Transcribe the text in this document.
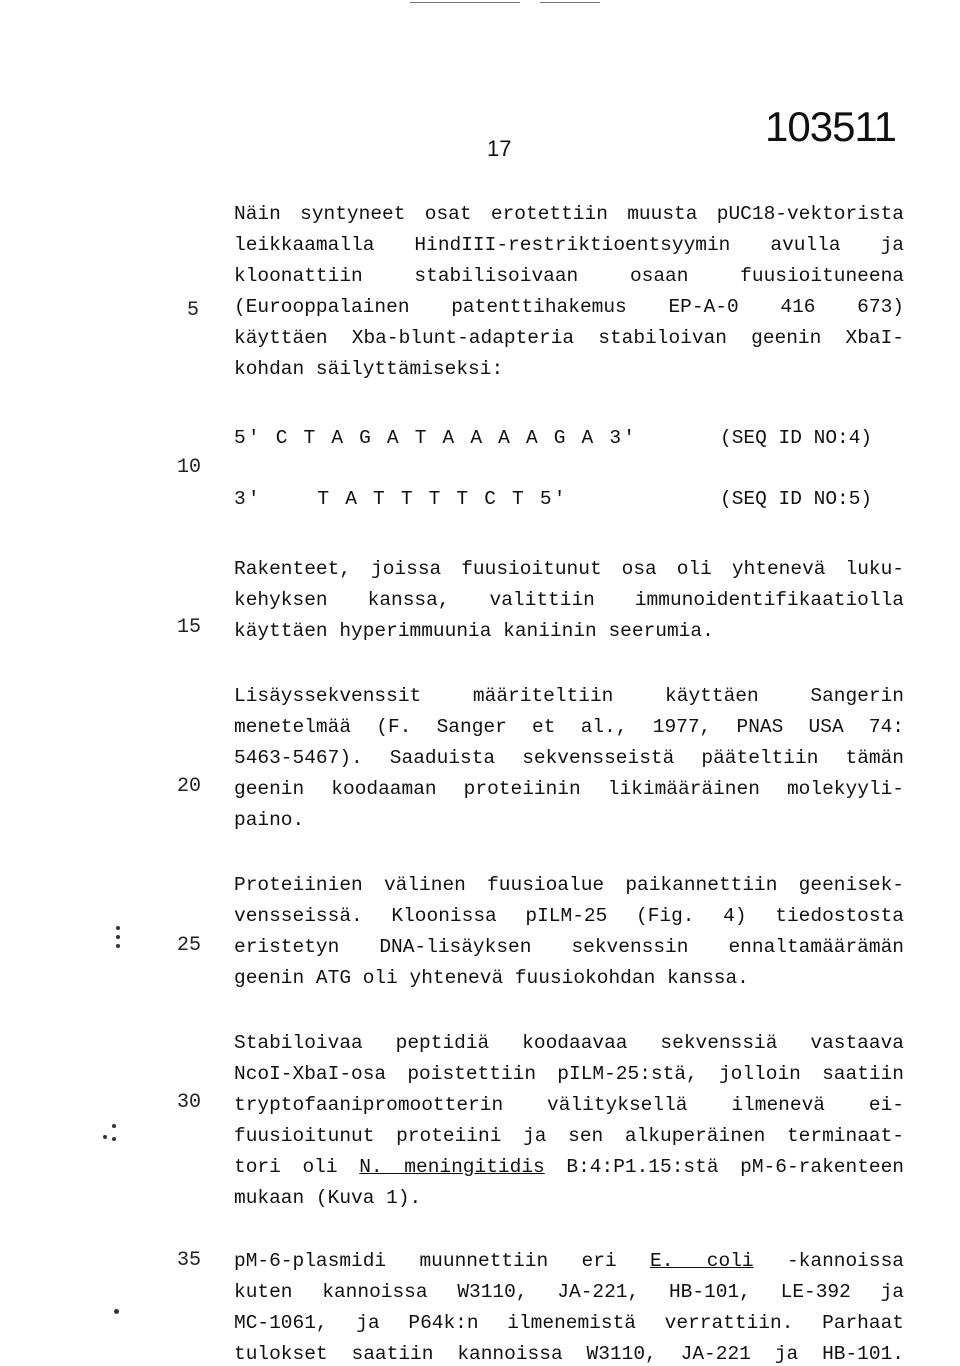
17	103511
5
10
15
20
25
30
35
Näin syntyneet osat erotettiin muusta pUC18-vektorista
leikkaamalla HindIII-restriktioentsyymin avulla ja
kloonattiin stabilisoivaan osaan fuusioituneena
(Eurooppalainen patenttihakemus EP-A-0 416 673)
käyttäen Xba-blunt-adapteria stabiloivan geenin XbaI-
kohdan säilyttämiseksi:
5' C T A G A T A A A A G A 3'	(SEQ ID NO:4)
3'    T A T T T T C T 5'	(SEQ ID NO:5)
Rakenteet, joissa fuusioitunut osa oli yhtenevä luku-
kehyksen kanssa, valittiin immunoidentifikaatiolla
käyttäen hyperimmuunia kaniinin seerumia.
Lisäyssekvenssit määriteltiin käyttäen Sangerin
menetelmää (F. Sanger et al., 1977, PNAS USA 74:
5463-5467). Saaduista sekvensseistä pääteltiin tämän
geenin koodaaman proteiinin likimääräinen molekyyli-
paino.
Proteiinien välinen fuusioalue paikannettiin geenisek-
vensseissä. Kloonissa pILM-25 (Fig. 4) tiedostosta
eristetyn DNA-lisäyksen sekvenssin ennaltamäärämän
geenin ATG oli yhtenevä fuusiokohdan kanssa.
Stabiloivaa peptidiä koodaavaa sekvenssiä vastaava
NcoI-XbaI-osa poistettiin pILM-25:stä, jolloin saatiin
tryptofaanipromootterin välityksellä ilmenevä ei-
fuusioitunut proteiini ja sen alkuperäinen terminaat-
tori oli N. meningitidis B:4:P1.15:stä pM-6-rakenteen
mukaan (Kuva 1).
pM-6-plasmidi muunnettiin eri E. coli -kannoissa
kuten kannoissa W3110, JA-221, HB-101, LE-392 ja
MC-1061, ja P64k:n ilmenemistä verrattiin. Parhaat
tulokset saatiin kannoissa W3110, JA-221 ja HB-101.
